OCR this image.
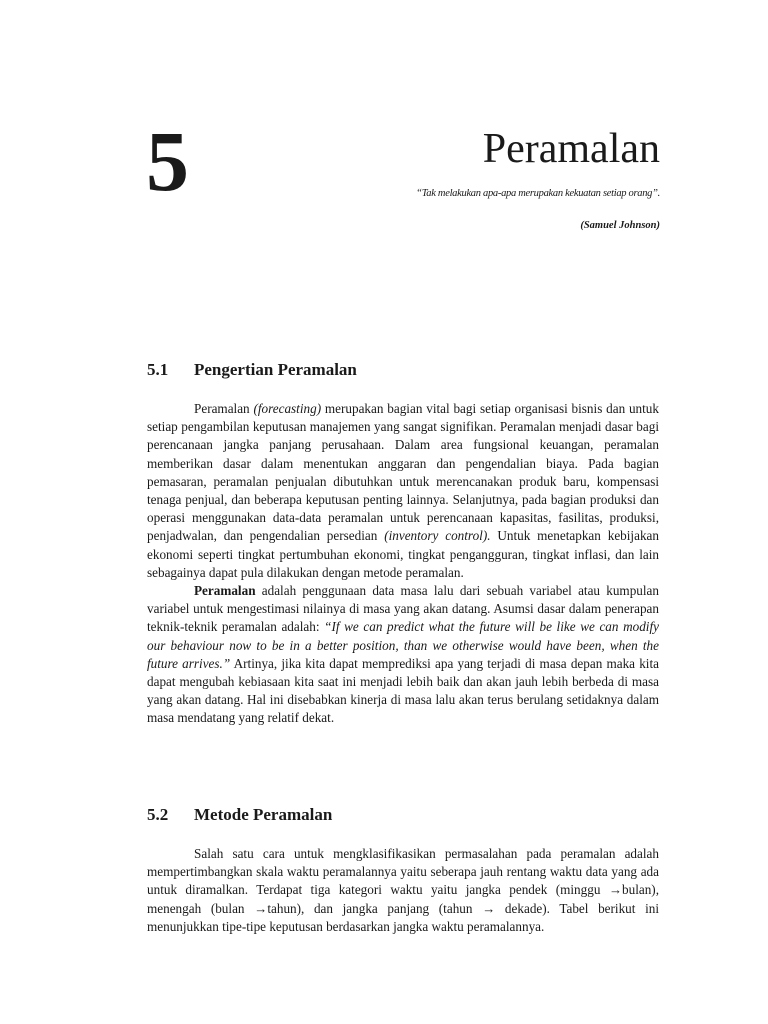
5	Peramalan

“Tak melakukan apa-apa merupakan kekuatan setiap orang”.

(Samuel Johnson)

5.1 Pengertian Peramalan

Peramalan (forecasting) merupakan bagian vital bagi setiap organisasi bisnis dan untuk setiap pengambilan keputusan manajemen yang sangat signifikan. Peramalan menjadi dasar bagi perencanaan jangka panjang perusahaan. Dalam area fungsional keuangan, peramalan memberikan dasar dalam menentukan anggaran dan pengendalian biaya. Pada bagian pemasaran, peramalan penjualan dibutuhkan untuk merencanakan produk baru, kompensasi tenaga penjual, dan beberapa keputusan penting lainnya. Selanjutnya, pada bagian produksi dan operasi menggunakan data-data peramalan untuk perencanaan kapasitas, fasilitas, produksi, penjadwalan, dan pengendalian persedian (inventory control). Untuk menetapkan kebijakan ekonomi seperti tingkat pertumbuhan ekonomi, tingkat pengangguran, tingkat inflasi, dan lain sebagainya dapat pula dilakukan dengan metode peramalan.

Peramalan adalah penggunaan data masa lalu dari sebuah variabel atau kumpulan variabel untuk mengestimasi nilainya di masa yang akan datang. Asumsi dasar dalam penerapan teknik-teknik peramalan adalah: “If we can predict what the future will be like we can modify our behaviour now to be in a better position, than we otherwise would have been, when the future arrives.” Artinya, jika kita dapat memprediksi apa yang terjadi di masa depan maka kita dapat mengubah kebiasaan kita saat ini menjadi lebih baik dan akan jauh lebih berbeda di masa yang akan datang. Hal ini disebabkan kinerja di masa lalu akan terus berulang setidaknya dalam masa mendatang yang relatif dekat.

5.2 Metode Peramalan

Salah satu cara untuk mengklasifikasikan permasalahan pada peramalan adalah mempertimbangkan skala waktu peramalannya yaitu seberapa jauh rentang waktu data yang ada untuk diramalkan. Terdapat tiga kategori waktu yaitu jangka pendek (minggu →bulan), menengah (bulan →tahun), dan jangka panjang (tahun → dekade). Tabel berikut ini menunjukkan tipe-tipe keputusan berdasarkan jangka waktu peramalannya.
